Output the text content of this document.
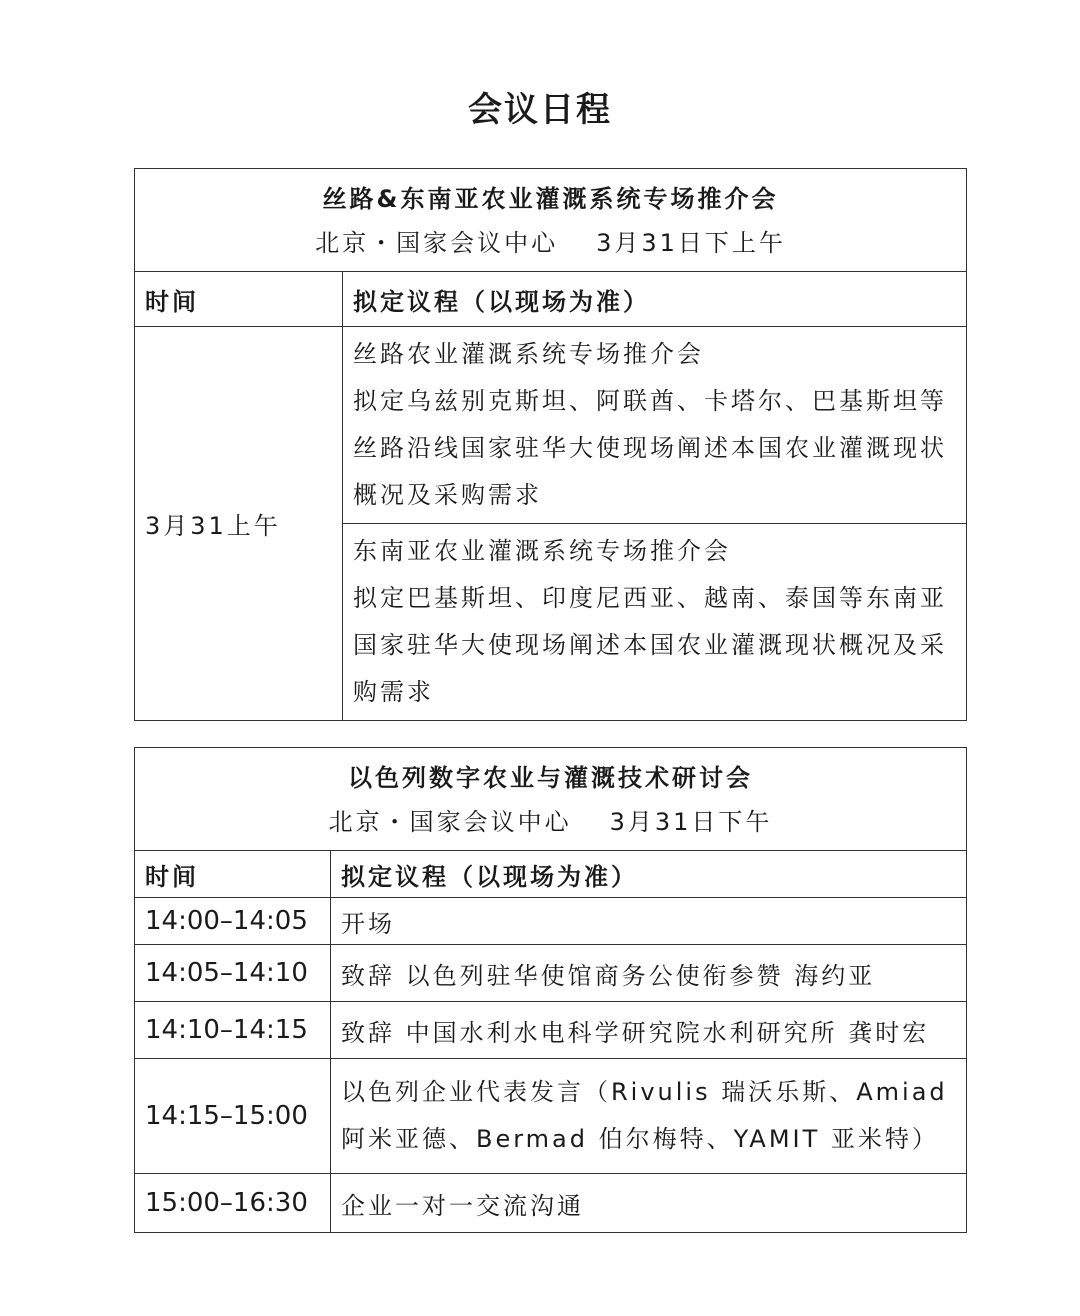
会议日程
丝路&东南亚农业灌溉系统专场推介会
北京・国家会议中心 3月31日下上午	

时间	拟定议程（以现场为准）
3月31上午	丝路农业灌溉系统专场推介会
拟定乌兹别克斯坦、阿联酋、卡塔尔、巴基斯坦等
丝路沿线国家驻华大使现场阐述本国农业灌溉现状
概况及采购需求

	东南亚农业灌溉系统专场推介会
拟定巴基斯坦、印度尼西亚、越南、泰国等东南亚
国家驻华大使现场阐述本国农业灌溉现状概况及采
购需求
以色列数字农业与灌溉技术研讨会
北京・国家会议中心 3月31日下午	

时间	拟定议程（以现场为准）
14:00–14:05	开场
14:05–14:10	致辞 以色列驻华使馆商务公使衔参赞 海约亚
14:10–14:15	致辞 中国水利水电科学研究院水利研究所 龚时宏
14:15–15:00	以色列企业代表发言（Rivulis 瑞沃乐斯、Amiad
阿米亚德、Bermad 伯尔梅特、YAMIT 亚米特）

15:00–16:30	企业一对一交流沟通
